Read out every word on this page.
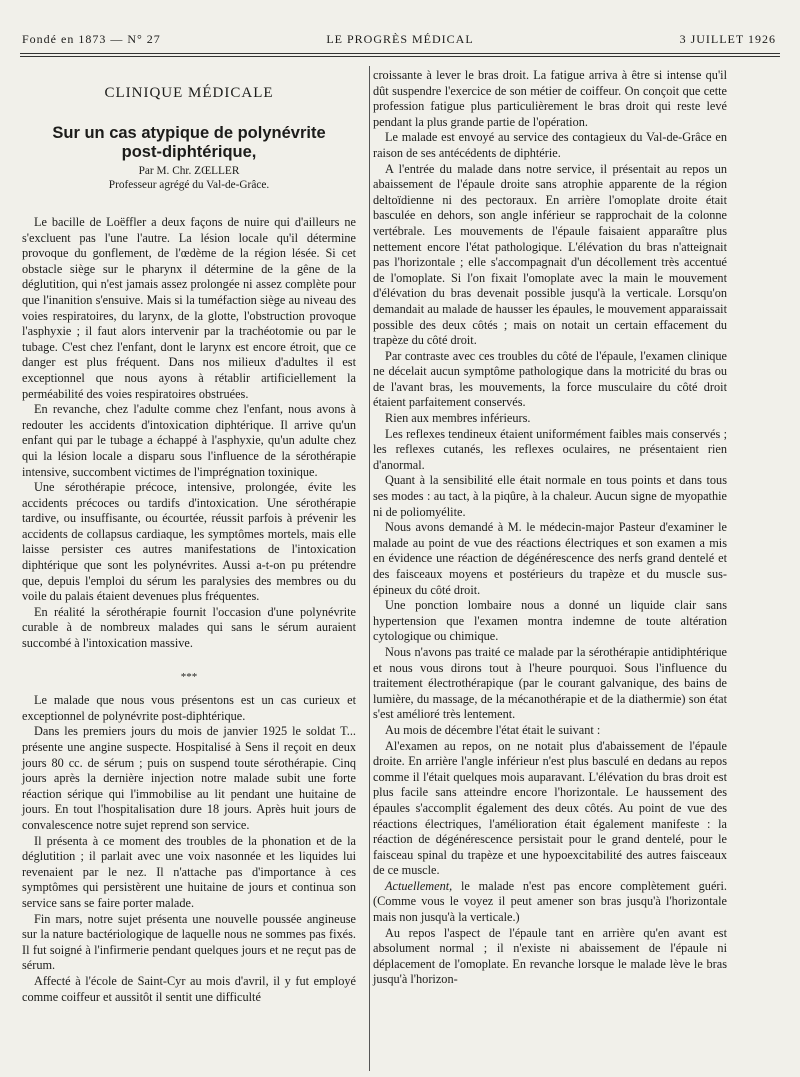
Fondé en 1873 — N° 27	LE PROGRÈS MÉDICAL	3 JUILLET 1926
CLINIQUE MÉDICALE
Sur un cas atypique de polynévrite
post-diphtérique,
Par M. Chr. ZŒLLER
Professeur agrégé du Val-de-Grâce.

Le bacille de Loëffler a deux façons de nuire qui d'ailleurs ne s'excluent pas l'une l'autre. La lésion locale qu'il détermine provoque du gonflement, de l'œdème de la région lésée. Si cet obstacle siège sur le pharynx il détermine de la gêne de la déglutition, qui n'est jamais assez prolongée ni assez complète pour que l'inanition s'ensuive. Mais si la tuméfaction siège au niveau des voies respiratoires, du larynx, de la glotte, l'obstruction provoque l'asphyxie ; il faut alors intervenir par la trachéotomie ou par le tubage. C'est chez l'enfant, dont le larynx est encore étroit, que ce danger est plus fréquent. Dans nos milieux d'adultes il est exceptionnel que nous ayons à rétablir artificiellement la perméabilité des voies respiratoires obstruées.

En revanche, chez l'adulte comme chez l'enfant, nous avons à redouter les accidents d'intoxication diphtérique. Il arrive qu'un enfant qui par le tubage a échappé à l'asphyxie, qu'un adulte chez qui la lésion locale a disparu sous l'influence de la sérothérapie intensive, succombent victimes de l'imprégnation toxinique.

Une sérothérapie précoce, intensive, prolongée, évite les accidents précoces ou tardifs d'intoxication. Une sérothérapie tardive, ou insuffisante, ou écourtée, réussit parfois à prévenir les accidents de collapsus cardiaque, les symptômes mortels, mais elle laisse persister ces autres manifestations de l'intoxication diphtérique que sont les polynévrites. Aussi a-t-on pu prétendre que, depuis l'emploi du sérum les paralysies des membres ou du voile du palais étaient devenues plus fréquentes.

En réalité la sérothérapie fournit l'occasion d'une polynévrite curable à de nombreux malades qui sans le sérum auraient succombé à l'intoxication massive.

***

Le malade que nous vous présentons est un cas curieux et exceptionnel de polynévrite post-diphtérique.

Dans les premiers jours du mois de janvier 1925 le soldat T... présente une angine suspecte. Hospitalisé à Sens il reçoit en deux jours 80 cc. de sérum ; puis on suspend toute sérothérapie. Cinq jours après la dernière injection notre malade subit une forte réaction sérique qui l'immobilise au lit pendant une huitaine de jours. En tout l'hospitalisation dure 18 jours. Après huit jours de convalescence notre sujet reprend son service.

Il présenta à ce moment des troubles de la phonation et de la déglutition ; il parlait avec une voix nasonnée et les liquides lui revenaient par le nez. Il n'attache pas d'importance à ces symptômes qui persistèrent une huitaine de jours et continua son service sans se faire porter malade.

Fin mars, notre sujet présenta une nouvelle poussée angineuse sur la nature bactériologique de laquelle nous ne sommes pas fixés. Il fut soigné à l'infirmerie pendant quelques jours et ne reçut pas de sérum.

Affecté à l'école de Saint-Cyr au mois d'avril, il y fut employé comme coiffeur et aussitôt il sentit une difficulté

croissante à lever le bras droit. La fatigue arriva à être si intense qu'il dût suspendre l'exercice de son métier de coiffeur. On conçoit que cette profession fatigue plus particulièrement le bras droit qui reste levé pendant la plus grande partie de l'opération.

Le malade est envoyé au service des contagieux du Val-de-Grâce en raison de ses antécédents de diphtérie.

A l'entrée du malade dans notre service, il présentait au repos un abaissement de l'épaule droite sans atrophie apparente de la région deltoïdienne ni des pectoraux. En arrière l'omoplate droite était basculée en dehors, son angle inférieur se rapprochait de la colonne vertébrale. Les mouvements de l'épaule faisaient apparaître plus nettement encore l'état pathologique. L'élévation du bras n'atteignait pas l'horizontale ; elle s'accompagnait d'un décollement très accentué de l'omoplate. Si l'on fixait l'omoplate avec la main le mouvement d'élévation du bras devenait possible jusqu'à la verticale. Lorsqu'on demandait au malade de hausser les épaules, le mouvement apparaissait possible des deux côtés ; mais on notait un certain effacement du trapèze du côté droit.

Par contraste avec ces troubles du côté de l'épaule, l'examen clinique ne décelait aucun symptôme pathologique dans la motricité du bras ou de l'avant bras, les mouvements, la force musculaire du côté droit étaient parfaitement conservés.

Rien aux membres inférieurs.

Les reflexes tendineux étaient uniformément faibles mais conservés ; les reflexes cutanés, les reflexes oculaires, ne présentaient rien d'anormal.

Quant à la sensibilité elle était normale en tous points et dans tous ses modes : au tact, à la piqûre, à la chaleur. Aucun signe de myopathie ni de poliomyélite.

Nous avons demandé à M. le médecin-major Pasteur d'examiner le malade au point de vue des réactions électriques et son examen a mis en évidence une réaction de dégénérescence des nerfs grand dentelé et des faisceaux moyens et postérieurs du trapèze et du muscle sus-épineux du côté droit.

Une ponction lombaire nous a donné un liquide clair sans hypertension que l'examen montra indemne de toute altération cytologique ou chimique.

Nous n'avons pas traité ce malade par la sérothérapie antidiphtérique et nous vous dirons tout à l'heure pourquoi. Sous l'influence du traitement électrothérapique (par le courant galvanique, des bains de lumière, du massage, de la mécanothérapie et de la diathermie) son état s'est amélioré très lentement.

Au mois de décembre l'état était le suivant :

Al'examen au repos, on ne notait plus d'abaissement de l'épaule droite. En arrière l'angle inférieur n'est plus basculé en dedans au repos comme il l'était quelques mois auparavant. L'élévation du bras droit est plus facile sans atteindre encore l'horizontale. Le haussement des épaules s'accomplit également des deux côtés. Au point de vue des réactions électriques, l'amélioration était également manifeste : la réaction de dégénérescence persistait pour le grand dentelé, pour le faisceau spinal du trapèze et une hypoexcitabilité des autres faisceaux de ce muscle.

Actuellement, le malade n'est pas encore complètement guéri. (Comme vous le voyez il peut amener son bras jusqu'à l'horizontale mais non jusqu'à la verticale.)

Au repos l'aspect de l'épaule tant en arrière qu'en avant est absolument normal ; il n'existe ni abaissement de l'épaule ni déplacement de l'omoplate. En revanche lorsque le malade lève le bras jusqu'à l'horizon-
